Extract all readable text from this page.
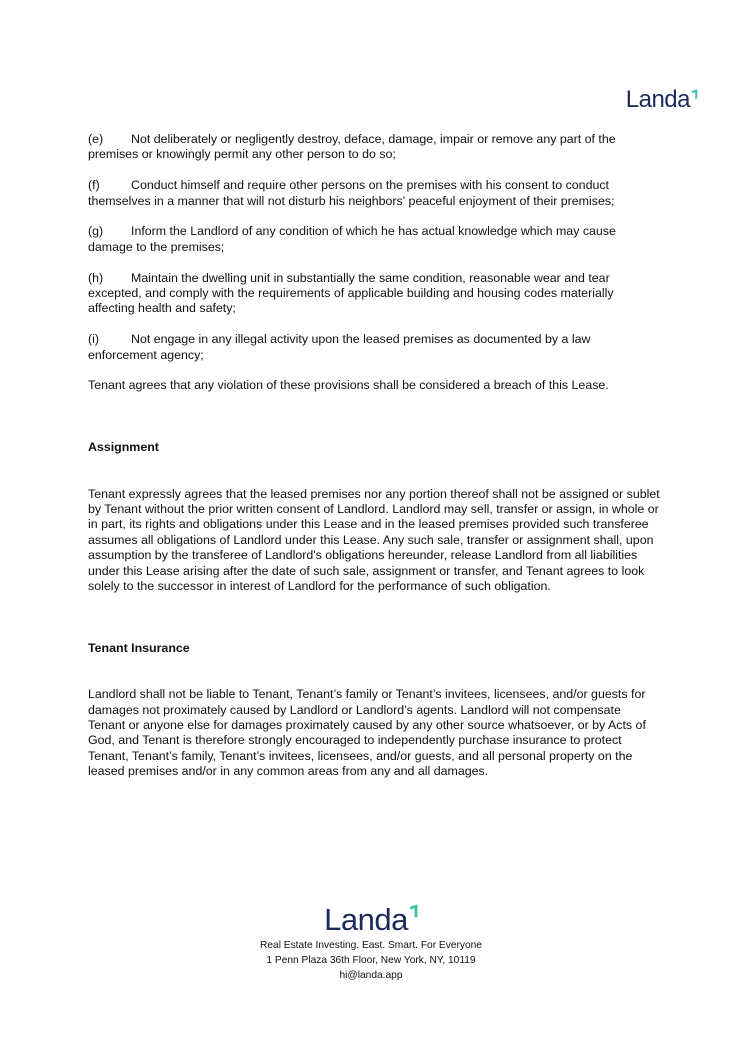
Landa

(e) Not deliberately or negligently destroy, deface, damage, impair or remove any part of the premises or knowingly permit any other person to do so;

(f)	Conduct himself and require other persons on the premises with his consent to conduct themselves in a manner that will not disturb his neighbors' peaceful enjoyment of their premises;

(g) Inform the Landlord of any condition of which he has actual knowledge which may cause damage to the premises;

(h) Maintain the dwelling unit in substantially the same condition, reasonable wear and tear excepted, and comply with the requirements of applicable building and housing codes materially affecting health and safety;

(i)	Not engage in any illegal activity upon the leased premises as documented by a law enforcement agency;

Tenant agrees that any violation of these provisions shall be considered a breach of this Lease.

Assignment

Tenant expressly agrees that the leased premises nor any portion thereof shall not be assigned or sublet by Tenant without the prior written consent of Landlord. Landlord may sell, transfer or assign, in whole or in part, its rights and obligations under this Lease and in the leased premises provided such transferee assumes all obligations of Landlord under this Lease. Any such sale, transfer or assignment shall, upon assumption by the transferee of Landlord's obligations hereunder, release Landlord from all liabilities under this Lease arising after the date of such sale, assignment or transfer, and Tenant agrees to look solely to the successor in interest of Landlord for the performance of such obligation.

Tenant Insurance

Landlord shall not be liable to Tenant, Tenant’s family or Tenant’s invitees, licensees, and/or guests for damages not proximately caused by Landlord or Landlord’s agents. Landlord will not compensate Tenant or anyone else for damages proximately caused by any other source whatsoever, or by Acts of God, and Tenant is therefore strongly encouraged to independently purchase insurance to protect Tenant, Tenant’s family, Tenant’s invitees, licensees, and/or guests, and all personal property on the leased premises and/or in any common areas from any and all damages.

Landa
Real Estate Investing. East. Smart. For Everyone
1 Penn Plaza 36th Floor, New York, NY, 10119
hi@landa.app
